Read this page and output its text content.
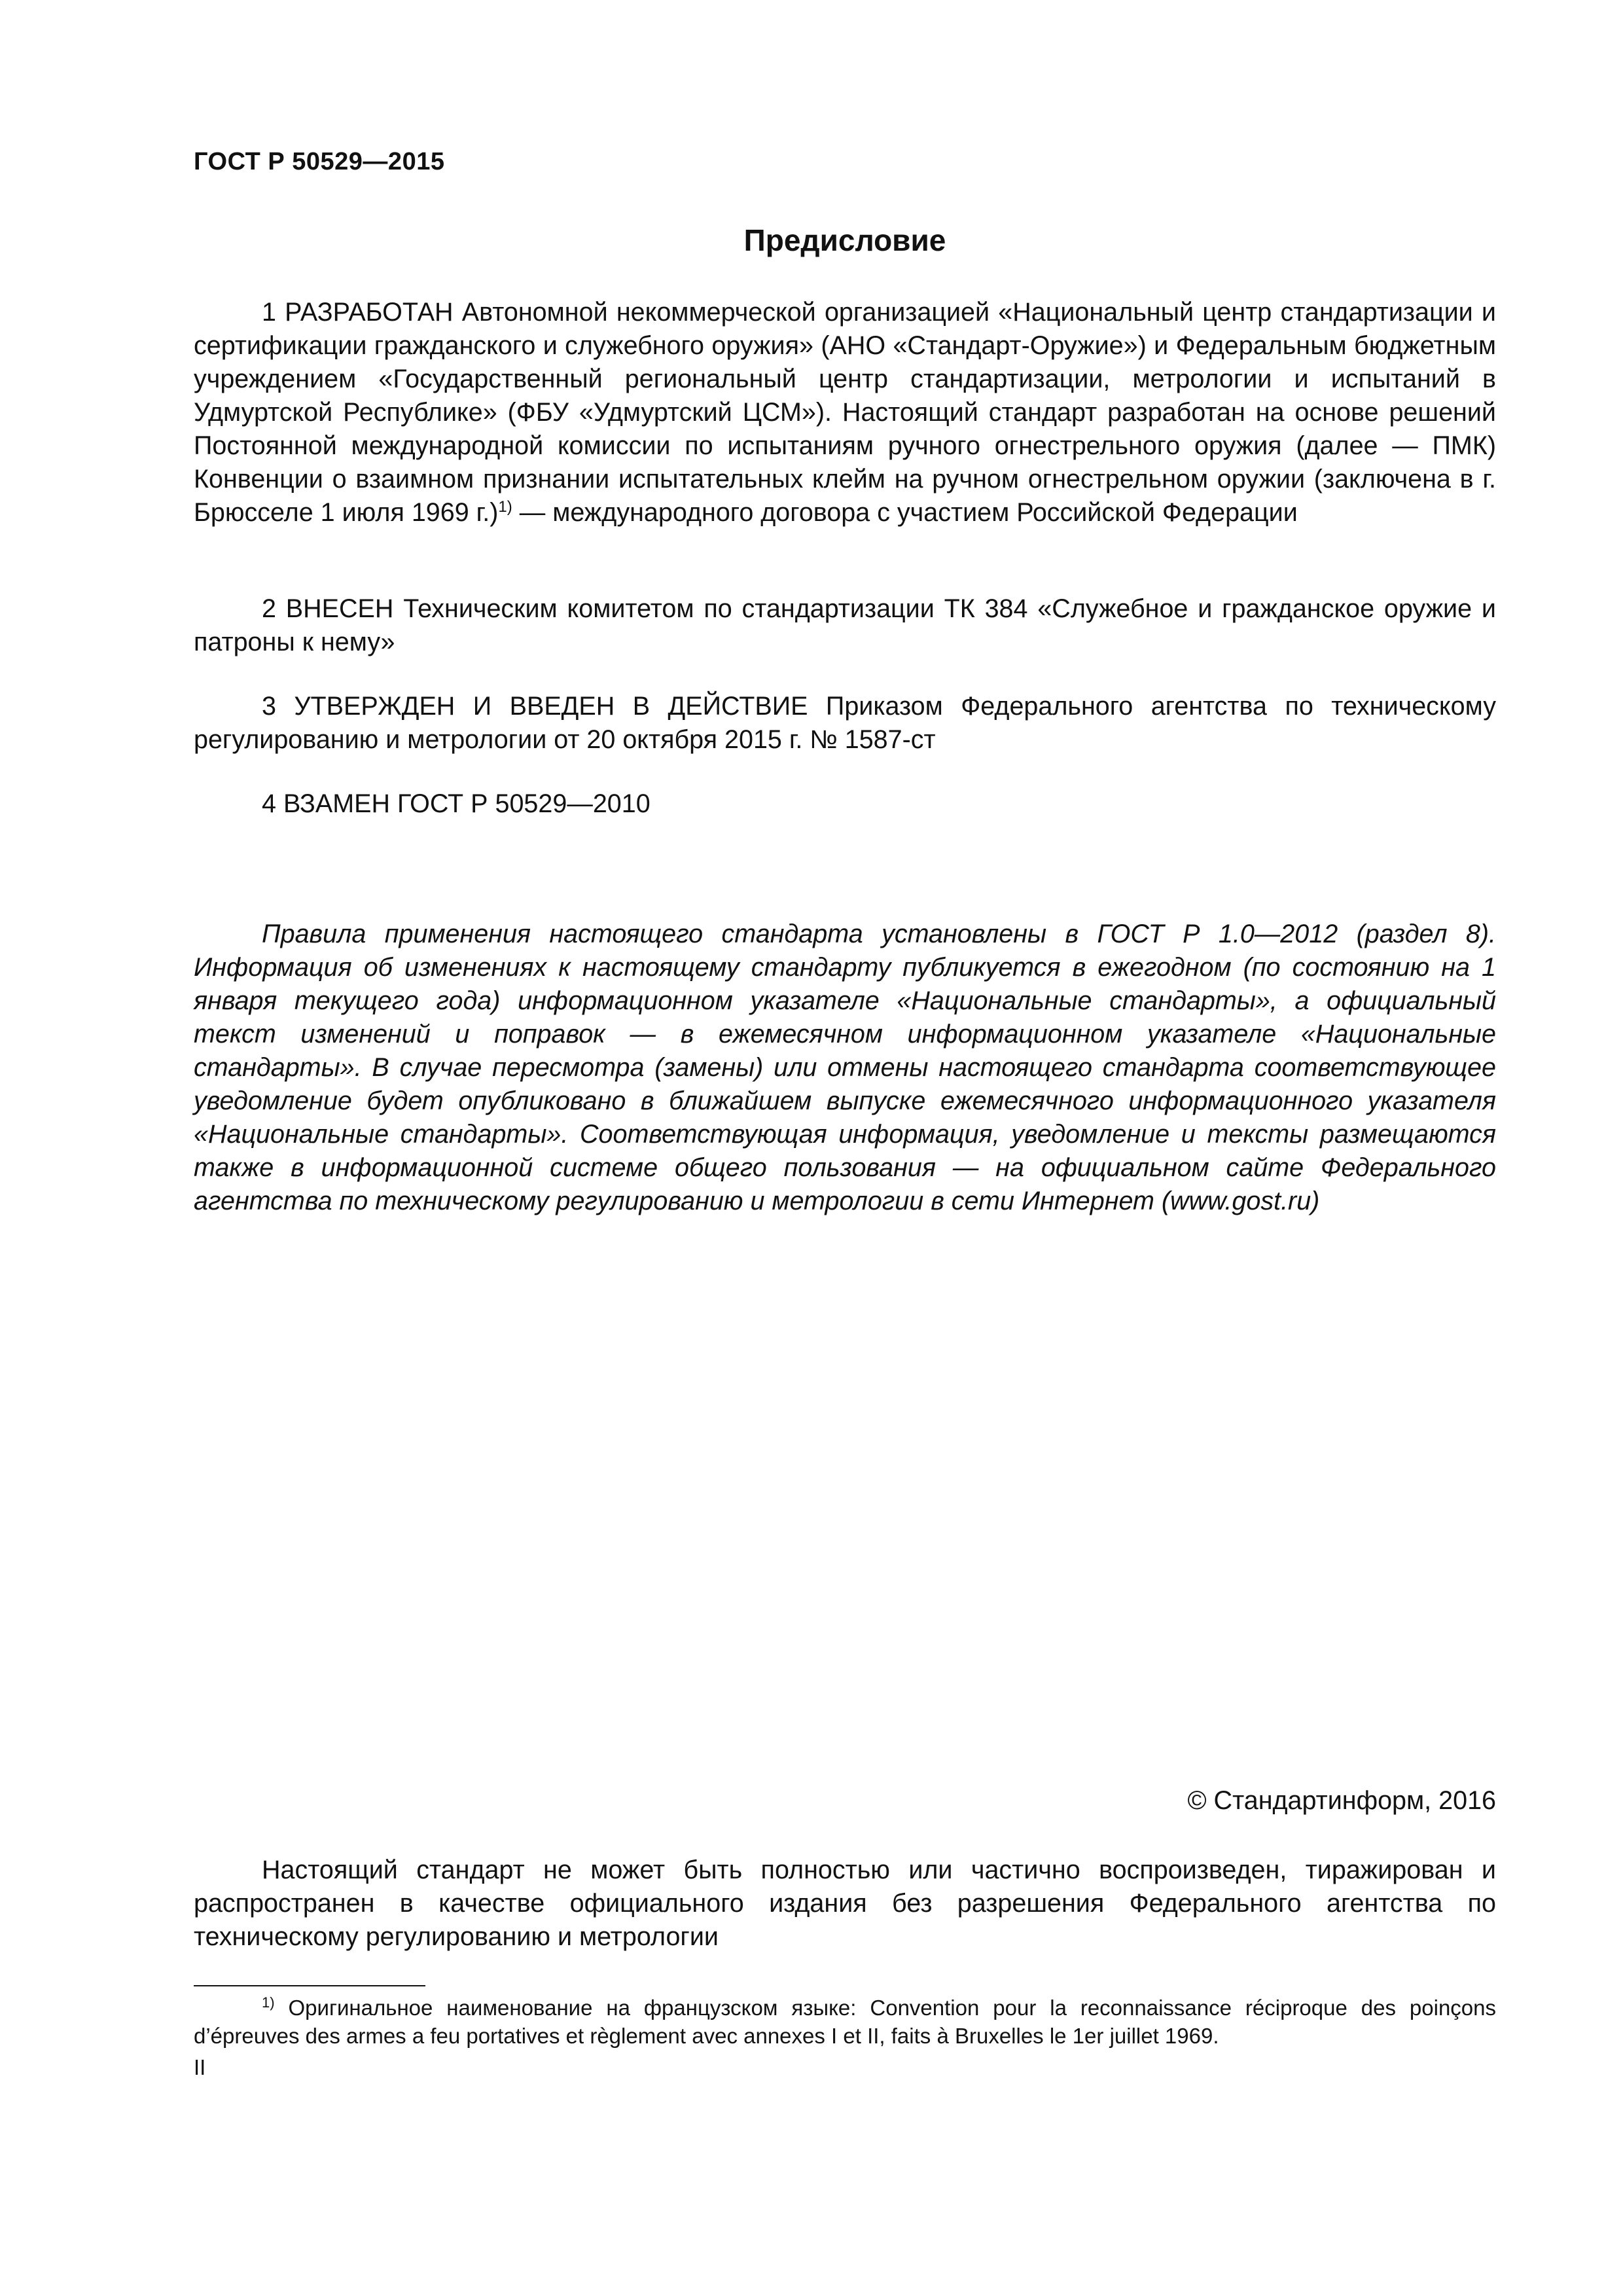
ГОСТ Р 50529—2015
Предисловие

1 РАЗРАБОТАН Автономной некоммерческой организацией «Национальный центр стандартизации и сертификации гражданского и служебного оружия» (АНО «Стандарт-Оружие») и Федеральным бюджетным учреждением «Государственный региональный центр стандартизации, метрологии и испытаний в Удмуртской Республике» (ФБУ «Удмуртский ЦСМ»). Настоящий стандарт разработан на основе решений Постоянной международной комиссии по испытаниям ручного огнестрельного оружия (далее — ПМК) Конвенции о взаимном признании испытательных клейм на ручном огнестрельном оружии (заключена в г. Брюсселе 1 июля 1969 г.)$^{1)}$ — международного договора с участием Российской Федерации

2 ВНЕСЕН Техническим комитетом по стандартизации ТК 384 «Служебное и гражданское оружие и патроны к нему»

3 УТВЕРЖДЕН И ВВЕДЕН В ДЕЙСТВИЕ Приказом Федерального агентства по техническому регулированию и метрологии от 20 октября 2015 г. № 1587-ст

4 ВЗАМЕН ГОСТ Р 50529—2010

Правила применения настоящего стандарта установлены в ГОСТ Р 1.0—2012 (раздел 8). Информация об изменениях к настоящему стандарту публикуется в ежегодном (по состоянию на 1 января текущего года) информационном указателе «Национальные стандарты», а официальный текст изменений и поправок — в ежемесячном информационном указателе «Национальные стандарты». В случае пересмотра (замены) или отмены настоящего стандарта соответствующее уведомление будет опубликовано в ближайшем выпуске ежемесячного информационного указателя «Национальные стандарты». Соответствующая информация, уведомление и тексты размещаются также в информационной системе общего пользования — на официальном сайте Федерального агентства по техническому регулированию и метрологии в сети Интернет (www.gost.ru)

© Стандартинформ, 2016

Настоящий стандарт не может быть полностью или частично воспроизведен, тиражирован и распространен в качестве официального издания без разрешения Федерального агентства по техническому регулированию и метрологии

$^{1)}$ Оригинальное наименование на французском языке: Convention pour la reconnaissance réciproque des poinçons d’épreuves des armes a feu portatives et règlement avec annexes I et II, faits à Bruxelles le 1er juillet 1969.

II
